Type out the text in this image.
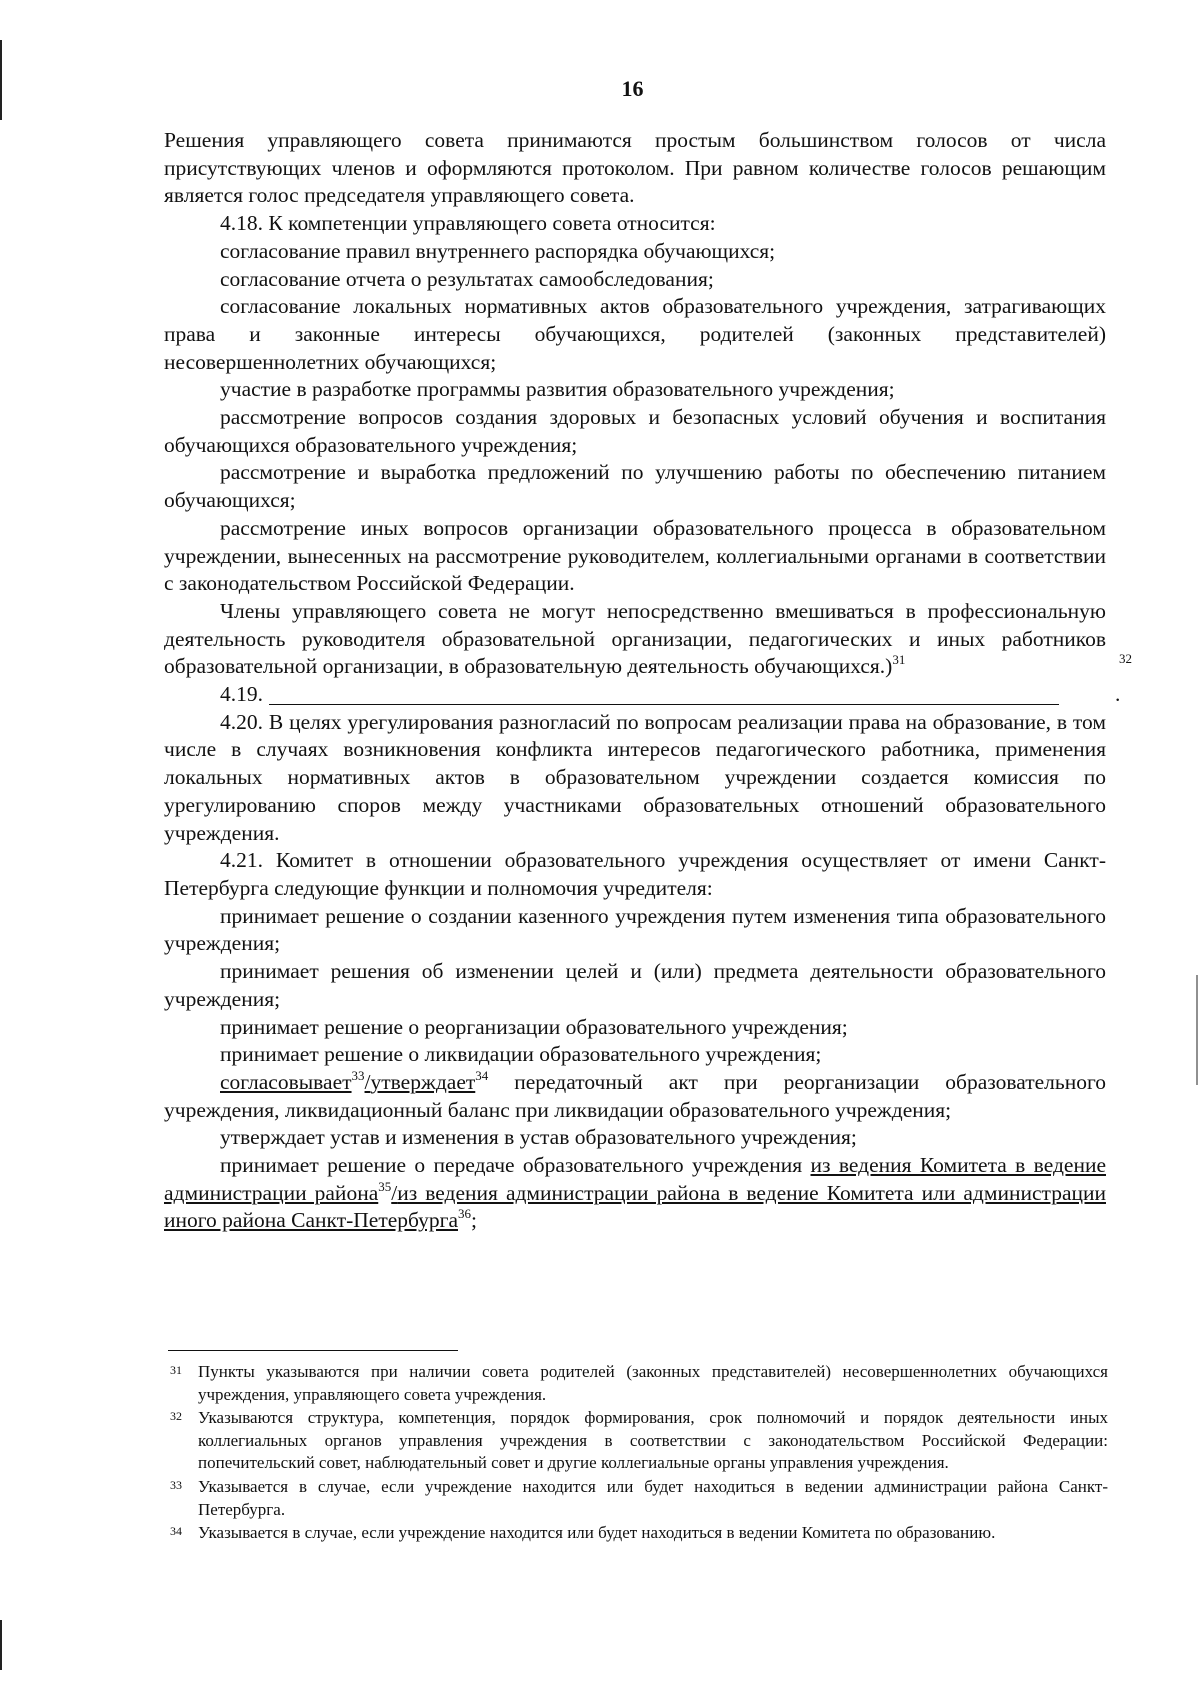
16

Решения управляющего совета принимаются простым большинством голосов от числа присутствующих членов и оформляются протоколом. При равном количестве голосов решающим является голос председателя управляющего совета.

4.18. К компетенции управляющего совета относится:

согласование правил внутреннего распорядка обучающихся;

согласование отчета о результатах самообследования;

согласование локальных нормативных актов образовательного учреждения, затрагивающих права и законные интересы обучающихся, родителей (законных представителей) несовершеннолетних обучающихся;

участие в разработке программы развития образовательного учреждения;

рассмотрение вопросов создания здоровых и безопасных условий обучения и воспитания обучающихся образовательного учреждения;

рассмотрение и выработка предложений по улучшению работы по обеспечению питанием обучающихся;

рассмотрение иных вопросов организации образовательного процесса в образовательном учреждении, вынесенных на рассмотрение руководителем, коллегиальными органами в соответствии с законодательством Российской Федерации.

Члены управляющего совета не могут непосредственно вмешиваться в профессиональную деятельность руководителя образовательной организации, педагогических и иных работников образовательной организации, в образовательную деятельность обучающихся.)$^{31}$

4.19.	.
32

4.20. В целях урегулирования разногласий по вопросам реализации права на образование, в том числе в случаях возникновения конфликта интересов педагогического работника, применения локальных нормативных актов в образовательном учреждении создается комиссия по урегулированию споров между участниками образовательных отношений образовательного учреждения.

4.21. Комитет в отношении образовательного учреждения осуществляет от имени Санкт-Петербурга следующие функции и полномочия учредителя:

принимает решение о создании казенного учреждения путем изменения типа образовательного учреждения;

принимает решения об изменении целей и (или) предмета деятельности образовательного учреждения;

принимает решение о реорганизации образовательного учреждения;

принимает решение о ликвидации образовательного учреждения;

согласовывает$^{33}$/утверждает$^{34}$ передаточный акт при реорганизации образовательного учреждения, ликвидационный баланс при ликвидации образовательного учреждения;

утверждает устав и изменения в устав образовательного учреждения;

принимает решение о передаче образовательного учреждения из ведения Комитета в ведение администрации района$^{35}$/из ведения администрации района в ведение Комитета или администрации иного района Санкт-Петербурга$^{36}$;

31 Пункты указываются при наличии совета родителей (законных представителей) несовершеннолетних обучающихся учреждения, управляющего совета учреждения.
32 Указываются структура, компетенция, порядок формирования, срок полномочий и порядок деятельности иных коллегиальных органов управления учреждения в соответствии с законодательством Российской Федерации: попечительский совет, наблюдательный совет и другие коллегиальные органы управления учреждения.
33 Указывается в случае, если учреждение находится или будет находиться в ведении администрации района Санкт-Петербурга.
34 Указывается в случае, если учреждение находится или будет находиться в ведении Комитета по образованию.
